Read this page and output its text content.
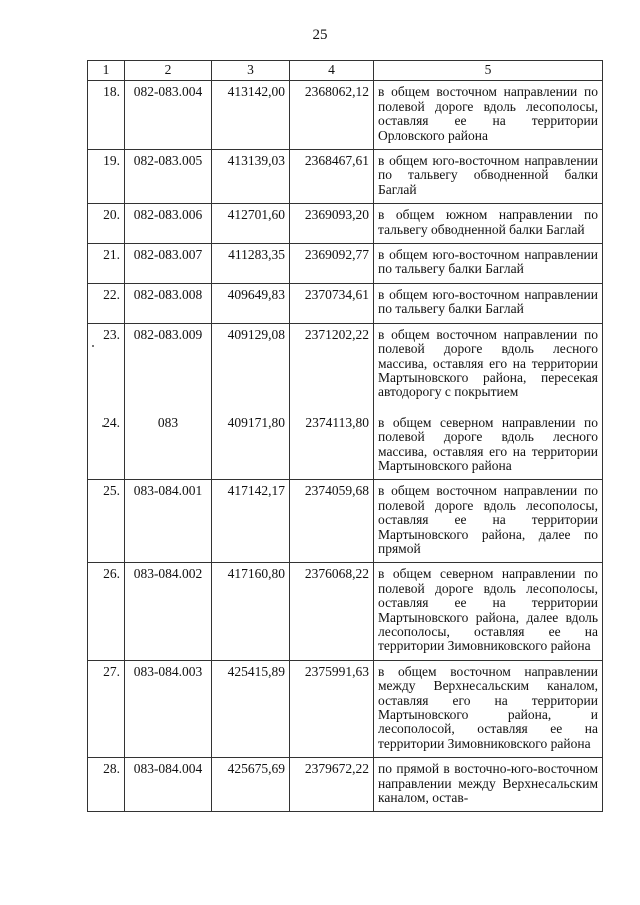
25
1	2	3	4	5
18.	082-083.004	413142,00	2368062,12	в общем восточном направлении по полевой дороге вдоль лесополосы, оставляя ее на территории Орловского района
19.	082-083.005	413139,03	2368467,61	в общем юго-восточном направлении по тальвегу обводненной балки Баглай
20.	082-083.006	412701,60	2369093,20	в общем южном направлении по тальвегу обводненной балки Баглай
21.	082-083.007	411283,35	2369092,77	в общем юго-восточном направлении по тальвегу балки Баглай
22.	082-083.008	409649,83	2370734,61	в общем юго-восточном направлении по тальвегу балки Баглай
23.	082-083.009	409129,08	2371202,22	в общем восточном направлении по полевой дороге вдоль лесного массива, оставляя его на территории Мартыновского района, пересекая автодорогу с покрытием
24.	083	409171,80	2374113,80	в общем северном направлении по полевой дороге вдоль лесного массива, оставляя его на территории Мартыновского района
25.	083-084.001	417142,17	2374059,68	в общем восточном направлении по полевой дороге вдоль лесополосы, оставляя ее на территории Мартыновского района, далее по прямой
26.	083-084.002	417160,80	2376068,22	в общем северном направлении по полевой дороге вдоль лесополосы, оставляя ее на территории Мартыновского района, далее вдоль лесополосы, оставляя ее на территории Зимовниковского района
27.	083-084.003	425415,89	2375991,63	в общем восточном направлении между Верхнесальским каналом, оставляя его на территории Мартыновского района, и лесополосой, оставляя ее на территории Зимовниковского района
28.	083-084.004	425675,69	2379672,22	по прямой в восточно-юго-восточном направлении между Верхнесальским каналом, остав-
